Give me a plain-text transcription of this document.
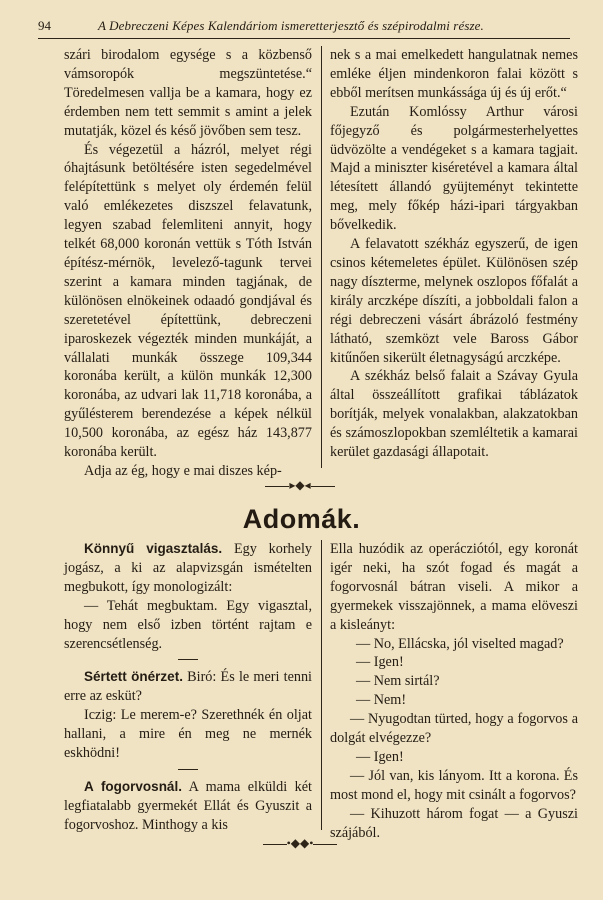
94	A Debreczeni Képes Kalendáriom ismeretterjesztő és szépirodalmi része.

szári birodalom egysége s a közbenső vámsoropók megszüntetése.“ Töredelmesen vallja be a kamara, hogy ez érdemben nem tett semmit s amint a jelek mutatják, közel és késő jövőben sem tesz.

És végezetül a házról, melyet régi óhajtásunk betöltésére isten segedelmével felépítettünk s melyet oly érdemén felül való emlékezetes diszszel felavatunk, legyen szabad felemliteni annyit, hogy telkét 68,000 koronán vettük s Tóth István építész-mérnök, levelező-tagunk tervei szerint a kamara minden tagjának, de különösen elnökeinek odaadó gondjával és szeretetével építettünk, debreczeni iparoskezek végezték minden munkáját, a vállalati munkák összege 109,344 koronába került, a külön munkák 12,300 koronába, az udvari lak 11,718 koronába, a gyűlésterem berendezése a képek nélkül 10,500 koronába, az egész ház 143,877 koronába került.

Adja az ég, hogy e mai diszes kép-

nek s a mai emelkedett hangulatnak nemes emléke éljen mindenkoron falai között s ebből merítsen munkássága új és új erőt.“

Ezután Komlóssy Arthur városi főjegyző és polgármesterhelyettes üdvözölte a vendégeket s a kamara tagjait. Majd a miniszter kiséretével a kamara által létesített állandó gyüjteményt tekintette meg, mely főkép házi-ipari tárgyakban bővelkedik.

A felavatott székház egyszerű, de igen csinos kétemeletes épület. Különösen szép nagy díszterme, melynek oszlopos főfalát a király arczképe díszíti, a jobboldali falon a régi debreczeni vásárt ábrázoló festmény látható, szemközt vele Baross Gábor kitűnően sikerült életnagyságú arczképe.

A székház belső falait a Szávay Gyula által összeállított grafikai táblázatok borítják, melyek vonalakban, alakzatokban és számoszlopokban szemléltetik a kamarai kerület gazdasági állapotait.

▸◆◂
Adomák.

Könnyű vigasztalás. Egy korhely jogász, a ki az alapvizsgán ismételten megbukott, így monologizált:

— Tehát megbuktam. Egy vigasztal, hogy nem első izben történt rajtam e szerencsétlenség.

Sértett önérzet. Biró: És le meri tenni erre az esküt?

Iczig: Le merem-e? Szerethnék én oljat hallani, a mire én meg ne mernék eskhödni!

A fogorvosnál. A mama elküldi két legfiatalabb gyermekét Ellát és Gyuszit a fogorvoshoz. Minthogy a kis

Ella huzódik az operácziótól, egy koronát igér neki, ha szót fogad és magát a fogorvosnál bátran viseli. A mikor a gyermekek visszajönnek, a mama elöveszi a kisleányt:

— No, Ellácska, jól viselted magad?

— Igen!

— Nem sirtál?

— Nem!

— Nyugodtan türted, hogy a fogorvos a dolgát elvégezze?

— Igen!

— Jól van, kis lányom. Itt a korona. És most mond el, hogy mit csinált a fogorvos?

— Kihuzott három fogat — a Gyuszi szájából.

•◆◆•
